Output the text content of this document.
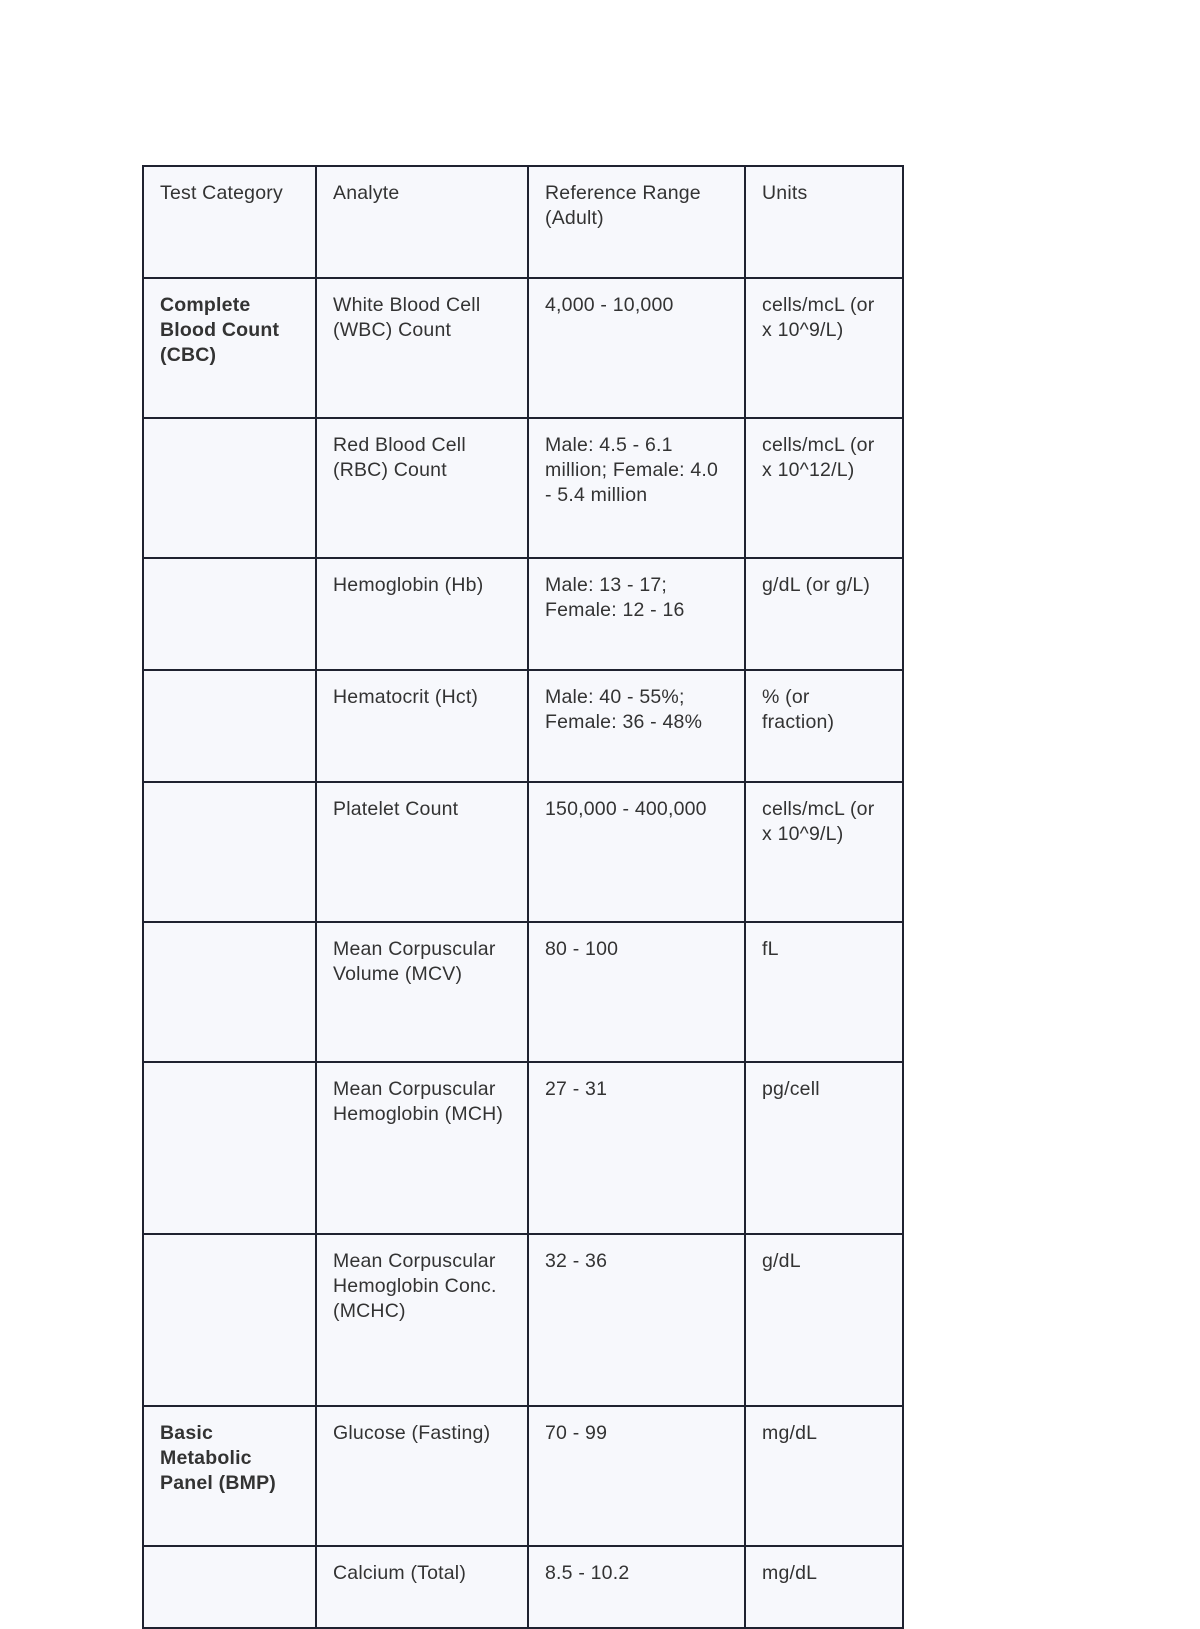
Test Category	Analyte	Reference Range (Adult)	Units
Complete Blood Count (CBC)	White Blood Cell (WBC) Count	4,000 - 10,000	cells/mcL (or x 10^9/L)
	Red Blood Cell (RBC) Count	Male: 4.5 - 6.1 million; Female: 4.0 - 5.4 million	cells/mcL (or x 10^12/L)
	Hemoglobin (Hb)	Male: 13 - 17; Female: 12 - 16	g/dL (or g/L)
	Hematocrit (Hct)	Male: 40 - 55%; Female: 36 - 48%	% (or fraction)
	Platelet Count	150,000 - 400,000	cells/mcL (or x 10^9/L)
	Mean Corpuscular Volume (MCV)	80 - 100	fL
	Mean Corpuscular Hemoglobin (MCH)	27 - 31	pg/cell
	Mean Corpuscular Hemoglobin Conc. (MCHC)	32 - 36	g/dL
Basic Metabolic Panel (BMP)	Glucose (Fasting)	70 - 99	mg/dL
	Calcium (Total)	8.5 - 10.2	mg/dL
